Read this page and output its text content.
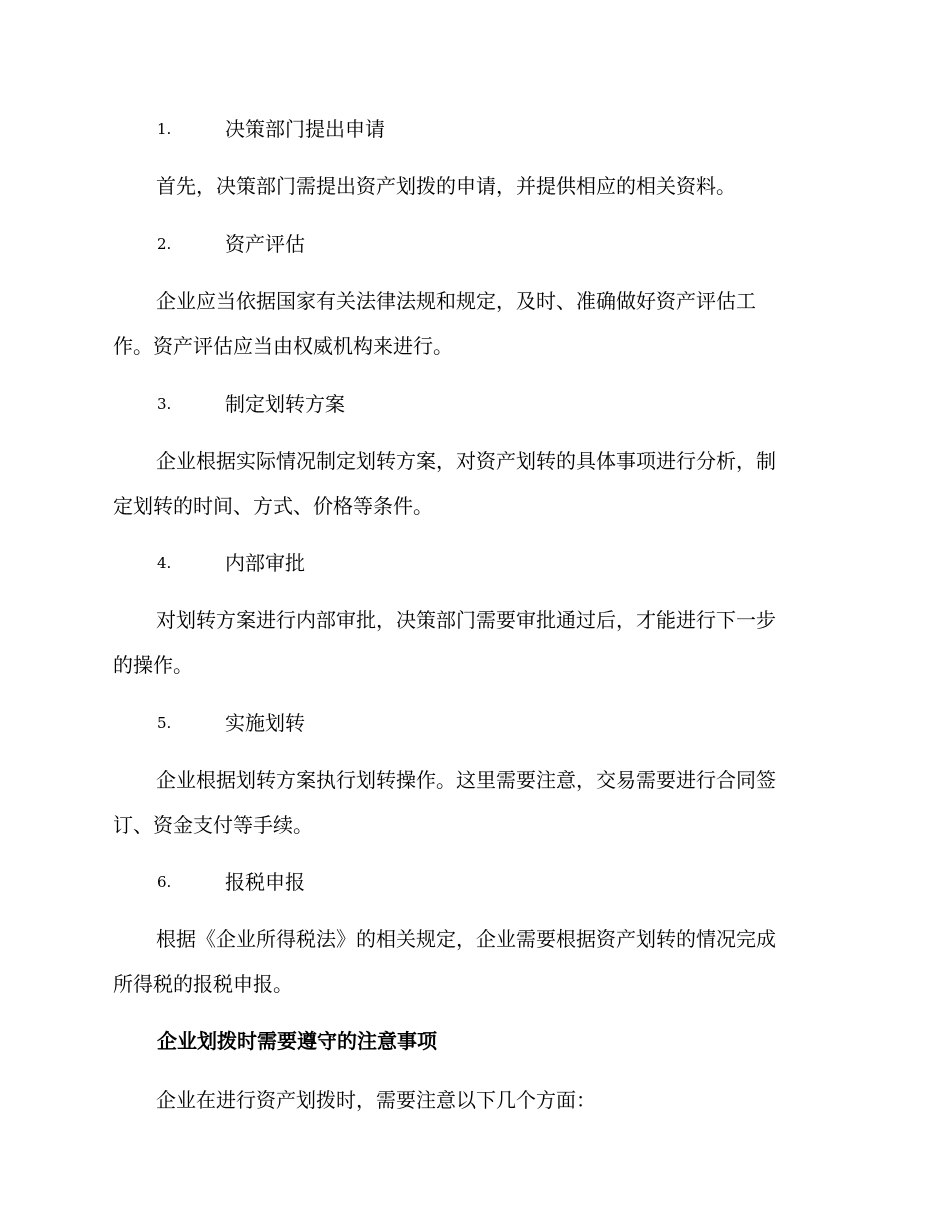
1.	决策部门提出申请
首先，决策部门需提出资产划拨的申请，并提供相应的相关资料。
2.	资产评估
企业应当依据国家有关法律法规和规定，及时、准确做好资产评估工
作。资产评估应当由权威机构来进行。
3.	制定划转方案
企业根据实际情况制定划转方案，对资产划转的具体事项进行分析，制
定划转的时间、方式、价格等条件。
4.	内部审批
对划转方案进行内部审批，决策部门需要审批通过后，才能进行下一步
的操作。
5.	实施划转
企业根据划转方案执行划转操作。这里需要注意，交易需要进行合同签
订、资金支付等手续。
6.	报税申报
根据《企业所得税法》的相关规定，企业需要根据资产划转的情况完成
所得税的报税申报。
企业划拨时需要遵守的注意事项
企业在进行资产划拨时，需要注意以下几个方面：
